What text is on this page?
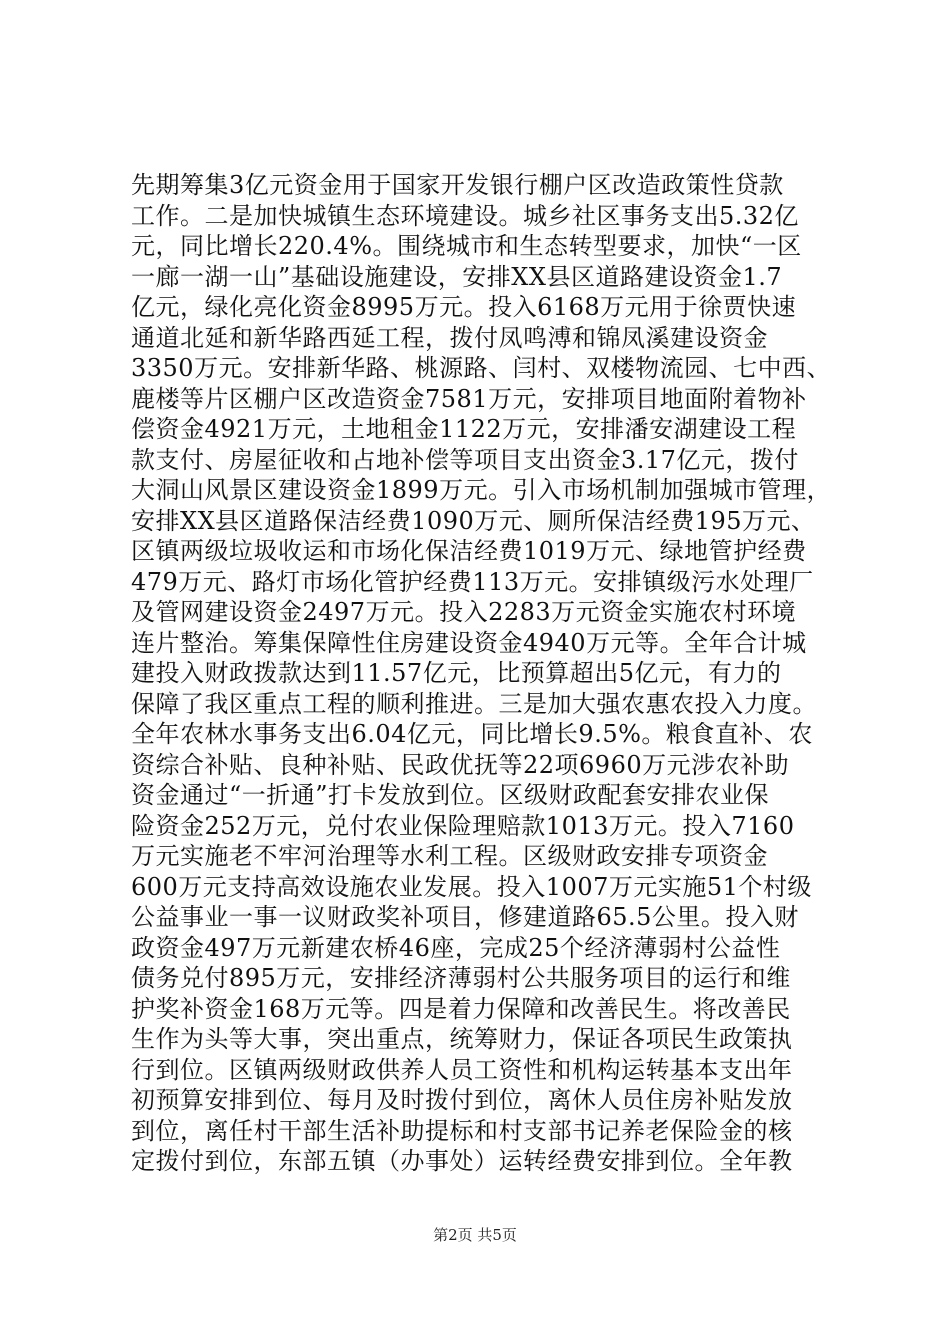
先期筹集3亿元资金用于国家开发银行棚户区改造政策性贷款
工作。二是加快城镇生态环境建设。城乡社区事务支出5.32亿
元，同比增长220.4%。围绕城市和生态转型要求，加快“一区
一廊一湖一山”基础设施建设，安排XX县区道路建设资金1.7
亿元，绿化亮化资金8995万元。投入6168万元用于徐贾快速
通道北延和新华路西延工程，拨付凤鸣溥和锦凤溪建设资金
3350万元。安排新华路、桃源路、闫村、双楼物流园、七中西、
鹿楼等片区棚户区改造资金7581万元，安排项目地面附着物补
偿资金4921万元，土地租金1122万元，安排潘安湖建设工程
款支付、房屋征收和占地补偿等项目支出资金3.17亿元，拨付
大洞山风景区建设资金1899万元。引入市场机制加强城市管理，
安排XX县区道路保洁经费1090万元、厕所保洁经费195万元、
区镇两级垃圾收运和市场化保洁经费1019万元、绿地管护经费
479万元、路灯市场化管护经费113万元。安排镇级污水处理厂
及管网建设资金2497万元。投入2283万元资金实施农村环境
连片整治。筹集保障性住房建设资金4940万元等。全年合计城
建投入财政拨款达到11.57亿元，比预算超出5亿元，有力的
保障了我区重点工程的顺利推进。三是加大强农惠农投入力度。
全年农林水事务支出6.04亿元，同比增长9.5%。粮食直补、农
资综合补贴、良种补贴、民政优抚等22项6960万元涉农补助
资金通过“一折通”打卡发放到位。区级财政配套安排农业保
险资金252万元，兑付农业保险理赔款1013万元。投入7160
万元实施老不牢河治理等水利工程。区级财政安排专项资金
600万元支持高效设施农业发展。投入1007万元实施51个村级
公益事业一事一议财政奖补项目，修建道路65.5公里。投入财
政资金497万元新建农桥46座，完成25个经济薄弱村公益性
债务兑付895万元，安排经济薄弱村公共服务项目的运行和维
护奖补资金168万元等。四是着力保障和改善民生。将改善民
生作为头等大事，突出重点，统筹财力，保证各项民生政策执
行到位。区镇两级财政供养人员工资性和机构运转基本支出年
初预算安排到位、每月及时拨付到位，离休人员住房补贴发放
到位，离任村干部生活补助提标和村支部书记养老保险金的核
定拨付到位，东部五镇（办事处）运转经费安排到位。全年教

第2页 共5页
